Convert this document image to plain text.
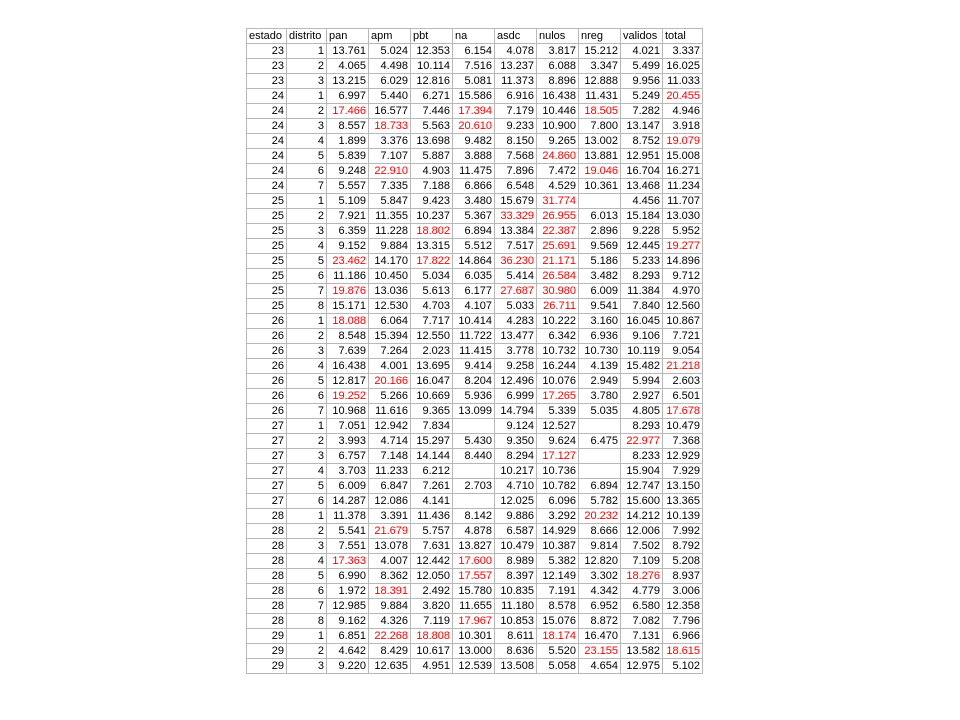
estado	distrito	pan	apm	pbt	na	asdc	nulos	nreg	validos	total
23	1	13.761	5.024	12.353	6.154	4.078	3.817	15.212	4.021	3.337
23	2	4.065	4.498	10.114	7.516	13.237	6.088	3.347	5.499	16.025
23	3	13.215	6.029	12.816	5.081	11.373	8.896	12.888	9.956	11.033
24	1	6.997	5.440	6.271	15.586	6.916	16.438	11.431	5.249	20.455
24	2	17.466	16.577	7.446	17.394	7.179	10.446	18.505	7.282	4.946
24	3	8.557	18.733	5.563	20.610	9.233	10.900	7.800	13.147	3.918
24	4	1.899	3.376	13.698	9.482	8.150	9.265	13.002	8.752	19.079
24	5	5.839	7.107	5.887	3.888	7.568	24.860	13.881	12.951	15.008
24	6	9.248	22.910	4.903	11.475	7.896	7.472	19.046	16.704	16.271
24	7	5.557	7.335	7.188	6.866	6.548	4.529	10.361	13.468	11.234
25	1	5.109	5.847	9.423	3.480	15.679	31.774		4.456	11.707
25	2	7.921	11.355	10.237	5.367	33.329	26.955	6.013	15.184	13.030
25	3	6.359	11.228	18.802	6.894	13.384	22.387	2.896	9.228	5.952
25	4	9.152	9.884	13.315	5.512	7.517	25.691	9.569	12.445	19.277
25	5	23.462	14.170	17.822	14.864	36.230	21.171	5.186	5.233	14.896
25	6	11.186	10.450	5.034	6.035	5.414	26.584	3.482	8.293	9.712
25	7	19.876	13.036	5.613	6.177	27.687	30.980	6.009	11.384	4.970
25	8	15.171	12.530	4.703	4.107	5.033	26.711	9.541	7.840	12.560
26	1	18.088	6.064	7.717	10.414	4.283	10.222	3.160	16.045	10.867
26	2	8.548	15.394	12.550	11.722	13.477	6.342	6.936	9.106	7.721
26	3	7.639	7.264	2.023	11.415	3.778	10.732	10.730	10.119	9.054
26	4	16.438	4.001	13.695	9.414	9.258	16.244	4.139	15.482	21.218
26	5	12.817	20.166	16.047	8.204	12.496	10.076	2.949	5.994	2.603
26	6	19.252	5.266	10.669	5.936	6.999	17.265	3.780	2.927	6.501
26	7	10.968	11.616	9.365	13.099	14.794	5.339	5.035	4.805	17.678
27	1	7.051	12.942	7.834		9.124	12.527		8.293	10.479
27	2	3.993	4.714	15.297	5.430	9.350	9.624	6.475	22.977	7.368
27	3	6.757	7.148	14.144	8.440	8.294	17.127		8.233	12.929
27	4	3.703	11.233	6.212		10.217	10.736		15.904	7.929
27	5	6.009	6.847	7.261	2.703	4.710	10.782	6.894	12.747	13.150
27	6	14.287	12.086	4.141		12.025	6.096	5.782	15.600	13.365
28	1	11.378	3.391	11.436	8.142	9.886	3.292	20.232	14.212	10.139
28	2	5.541	21.679	5.757	4.878	6.587	14.929	8.666	12.006	7.992
28	3	7.551	13.078	7.631	13.827	10.479	10.387	9.814	7.502	8.792
28	4	17.363	4.007	12.442	17.600	8.989	5.382	12.820	7.109	5.208
28	5	6.990	8.362	12.050	17.557	8.397	12.149	3.302	18.276	8.937
28	6	1.972	18.391	2.492	15.780	10.835	7.191	4.342	4.779	3.006
28	7	12.985	9.884	3.820	11.655	11.180	8.578	6.952	6.580	12.358
28	8	9.162	4.326	7.119	17.967	10.853	15.076	8.872	7.082	7.796
29	1	6.851	22.268	18.808	10.301	8.611	18.174	16.470	7.131	6.966
29	2	4.642	8.429	10.617	13.000	8.636	5.520	23.155	13.582	18.615
29	3	9.220	12.635	4.951	12.539	13.508	5.058	4.654	12.975	5.102
